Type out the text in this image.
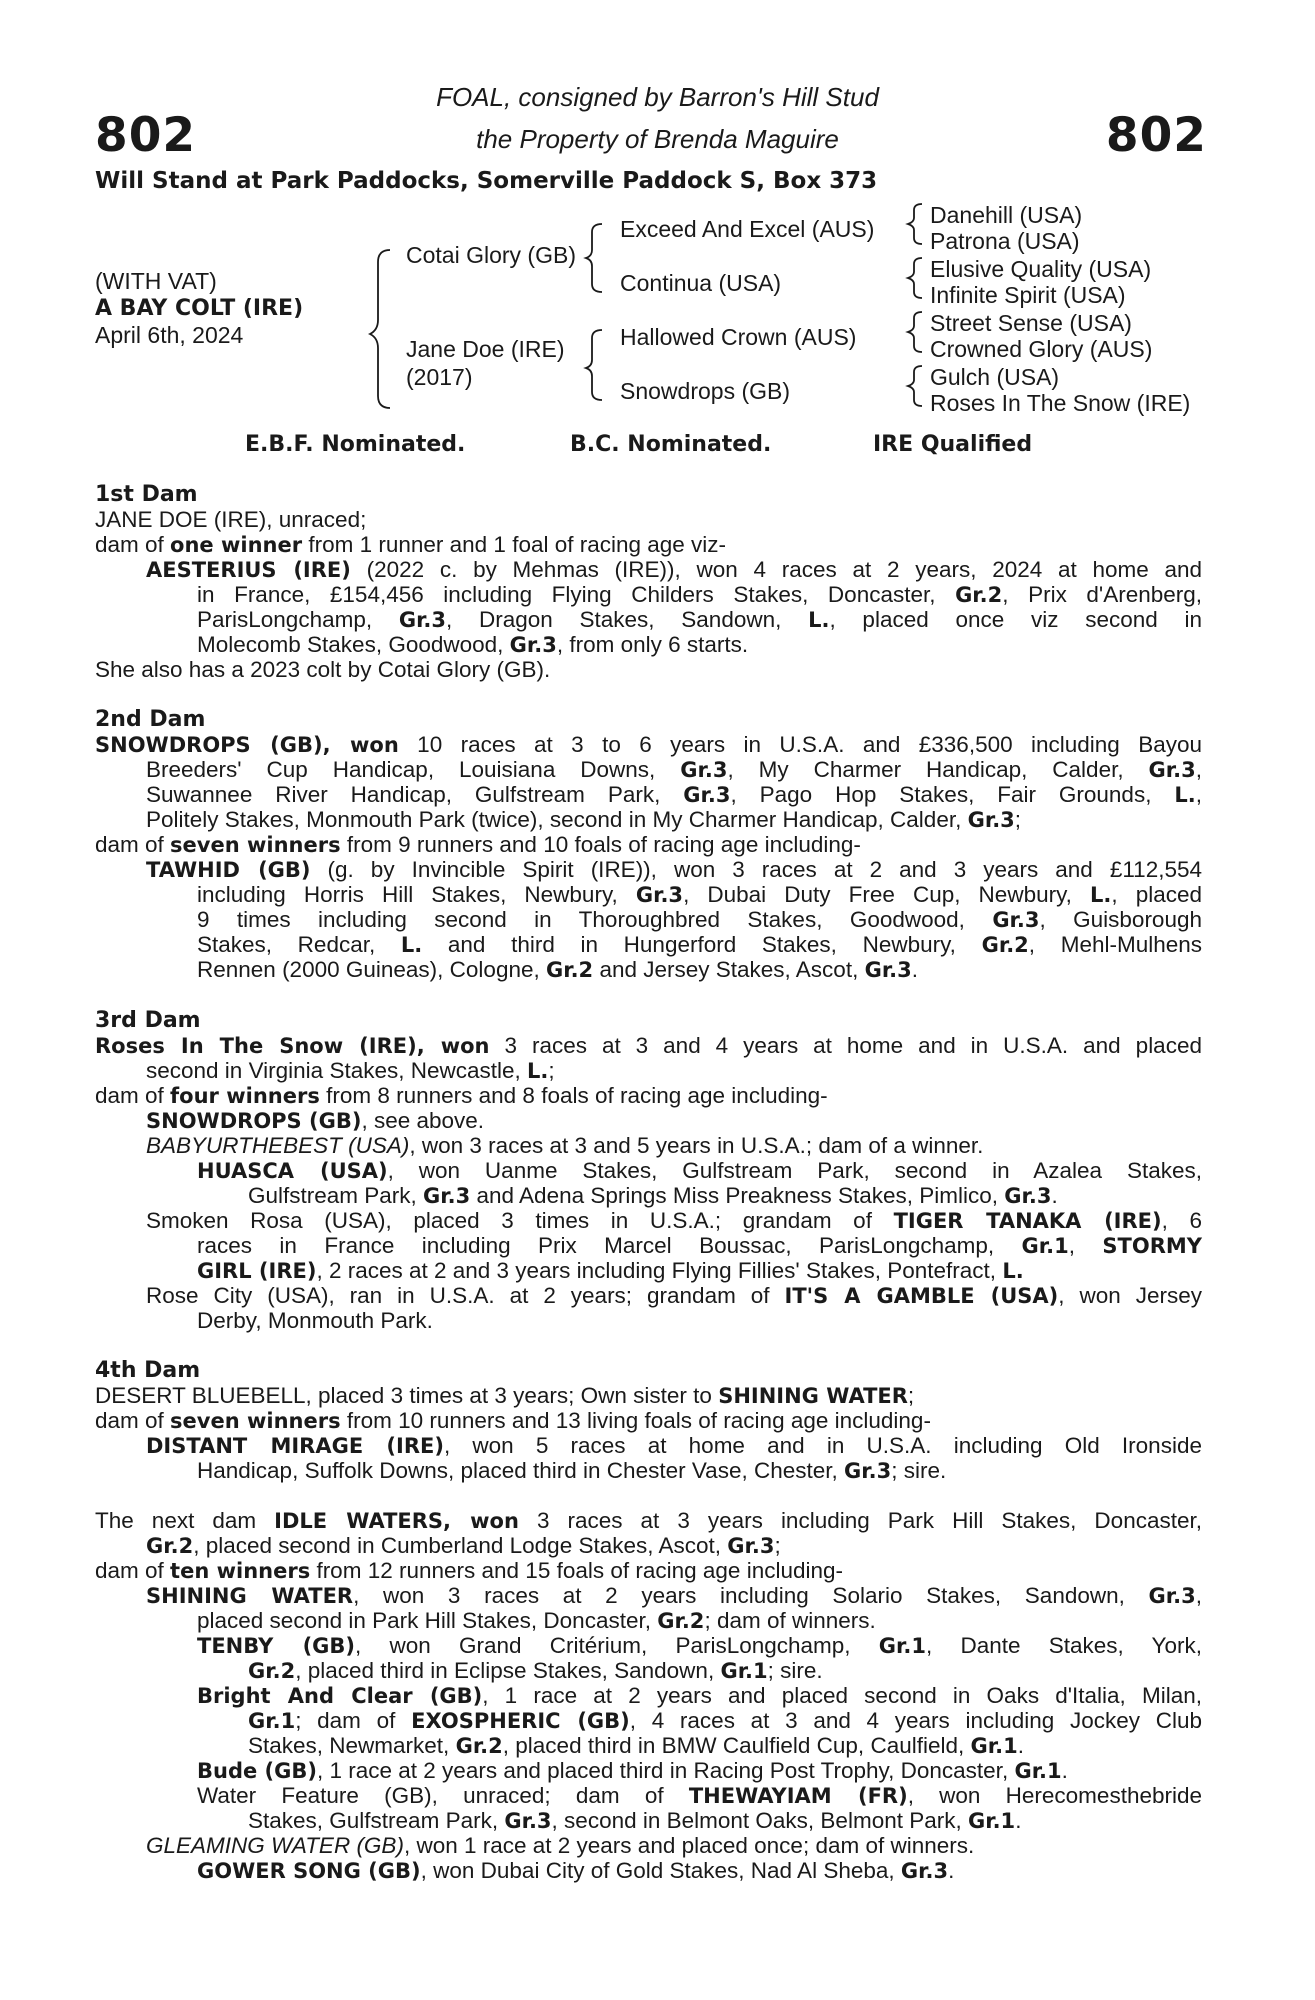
802	802
FOAL, consigned by Barron's Hill Stud
the Property of Brenda Maguire
Will Stand at Park Paddocks, Somerville Paddock S, Box 373
(WITH VAT)
A BAY COLT (IRE)
April 6th, 2024
Cotai Glory (GB)
Jane Doe (IRE)
(2017)
Exceed And Excel (AUS)
Continua (USA)
Hallowed Crown (AUS)
Snowdrops (GB)
Danehill (USA)
Patrona (USA)
Elusive Quality (USA)
Infinite Spirit (USA)
Street Sense (USA)
Crowned Glory (AUS)
Gulch (USA)
Roses In The Snow (IRE)
E.B.F. Nominated.	B.C. Nominated.	IRE Qualified
1st Dam
JANE DOE (IRE), unraced;
dam of one winner from 1 runner and 1 foal of racing age viz-
AESTERIUS (IRE) (2022 c. by Mehmas (IRE)), won 4 races at 2 years, 2024 at home and
in France, £154,456 including Flying Childers Stakes, Doncaster, Gr.2, Prix d'Arenberg,
ParisLongchamp, Gr.3, Dragon Stakes, Sandown, L., placed once viz second in
Molecomb Stakes, Goodwood, Gr.3, from only 6 starts.
She also has a 2023 colt by Cotai Glory (GB).
2nd Dam
SNOWDROPS (GB), won 10 races at 3 to 6 years in U.S.A. and £336,500 including Bayou
Breeders' Cup Handicap, Louisiana Downs, Gr.3, My Charmer Handicap, Calder, Gr.3,
Suwannee River Handicap, Gulfstream Park, Gr.3, Pago Hop Stakes, Fair Grounds, L.,
Politely Stakes, Monmouth Park (twice), second in My Charmer Handicap, Calder, Gr.3;
dam of seven winners from 9 runners and 10 foals of racing age including-
TAWHID (GB) (g. by Invincible Spirit (IRE)), won 3 races at 2 and 3 years and £112,554
including Horris Hill Stakes, Newbury, Gr.3, Dubai Duty Free Cup, Newbury, L., placed
9 times including second in Thoroughbred Stakes, Goodwood, Gr.3, Guisborough
Stakes, Redcar, L. and third in Hungerford Stakes, Newbury, Gr.2, Mehl-Mulhens
Rennen (2000 Guineas), Cologne, Gr.2 and Jersey Stakes, Ascot, Gr.3.
3rd Dam
Roses In The Snow (IRE), won 3 races at 3 and 4 years at home and in U.S.A. and placed
second in Virginia Stakes, Newcastle, L.;
dam of four winners from 8 runners and 8 foals of racing age including-
SNOWDROPS (GB), see above.
BABYURTHEBEST (USA), won 3 races at 3 and 5 years in U.S.A.; dam of a winner.
HUASCA (USA), won Uanme Stakes, Gulfstream Park, second in Azalea Stakes,
Gulfstream Park, Gr.3 and Adena Springs Miss Preakness Stakes, Pimlico, Gr.3.
Smoken Rosa (USA), placed 3 times in U.S.A.; grandam of TIGER TANAKA (IRE), 6
races in France including Prix Marcel Boussac, ParisLongchamp, Gr.1, STORMY
GIRL (IRE), 2 races at 2 and 3 years including Flying Fillies' Stakes, Pontefract, L.
Rose City (USA), ran in U.S.A. at 2 years; grandam of IT'S A GAMBLE (USA), won Jersey
Derby, Monmouth Park.
4th Dam
DESERT BLUEBELL, placed 3 times at 3 years; Own sister to SHINING WATER;
dam of seven winners from 10 runners and 13 living foals of racing age including-
DISTANT MIRAGE (IRE), won 5 races at home and in U.S.A. including Old Ironside
Handicap, Suffolk Downs, placed third in Chester Vase, Chester, Gr.3; sire.
The next dam IDLE WATERS, won 3 races at 3 years including Park Hill Stakes, Doncaster,
Gr.2, placed second in Cumberland Lodge Stakes, Ascot, Gr.3;
dam of ten winners from 12 runners and 15 foals of racing age including-
SHINING WATER, won 3 races at 2 years including Solario Stakes, Sandown, Gr.3,
placed second in Park Hill Stakes, Doncaster, Gr.2; dam of winners.
TENBY (GB), won Grand Critérium, ParisLongchamp, Gr.1, Dante Stakes, York,
Gr.2, placed third in Eclipse Stakes, Sandown, Gr.1; sire.
Bright And Clear (GB), 1 race at 2 years and placed second in Oaks d'Italia, Milan,
Gr.1; dam of EXOSPHERIC (GB), 4 races at 3 and 4 years including Jockey Club
Stakes, Newmarket, Gr.2, placed third in BMW Caulfield Cup, Caulfield, Gr.1.
Bude (GB), 1 race at 2 years and placed third in Racing Post Trophy, Doncaster, Gr.1.
Water Feature (GB), unraced; dam of THEWAYIAM (FR), won Herecomesthebride
Stakes, Gulfstream Park, Gr.3, second in Belmont Oaks, Belmont Park, Gr.1.
GLEAMING WATER (GB), won 1 race at 2 years and placed once; dam of winners.
GOWER SONG (GB), won Dubai City of Gold Stakes, Nad Al Sheba, Gr.3.
